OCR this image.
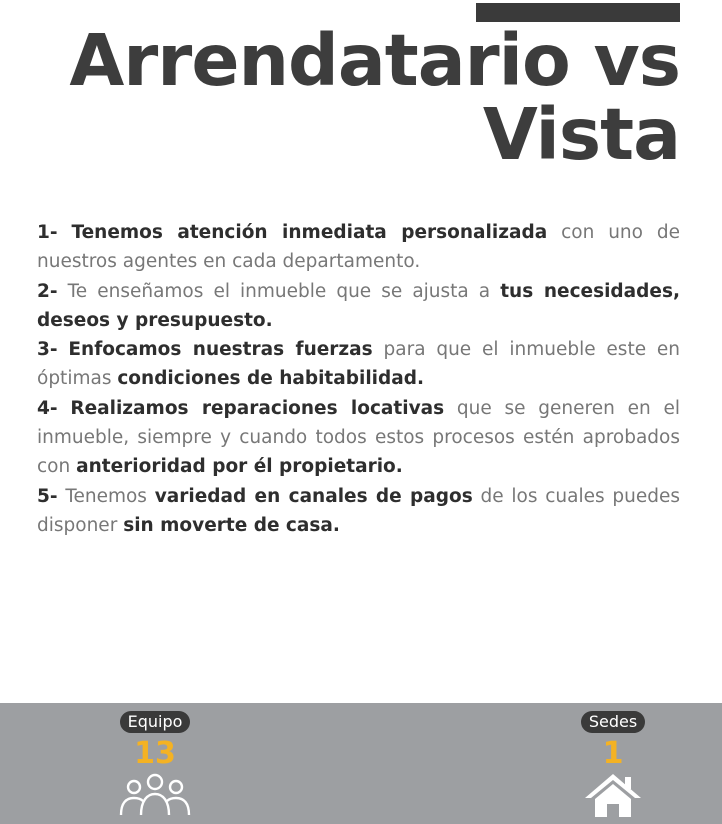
Arrendatario vs
Vista

1- Tenemos atención inmediata personalizada con uno de nuestros agentes en cada departamento.

2- Te enseñamos el inmueble que se ajusta a tus necesidades, deseos y presupuesto.

3- Enfocamos nuestras fuerzas para que el inmueble este en óptimas condiciones de habitabilidad.

4- Realizamos reparaciones locativas que se generen en el inmueble, siempre y cuando todos estos procesos estén aprobados con anterioridad por él propietario.

5- Tenemos variedad en canales de pagos de los cuales puedes disponer sin moverte de casa.

Equipo
13
Sedes
1
